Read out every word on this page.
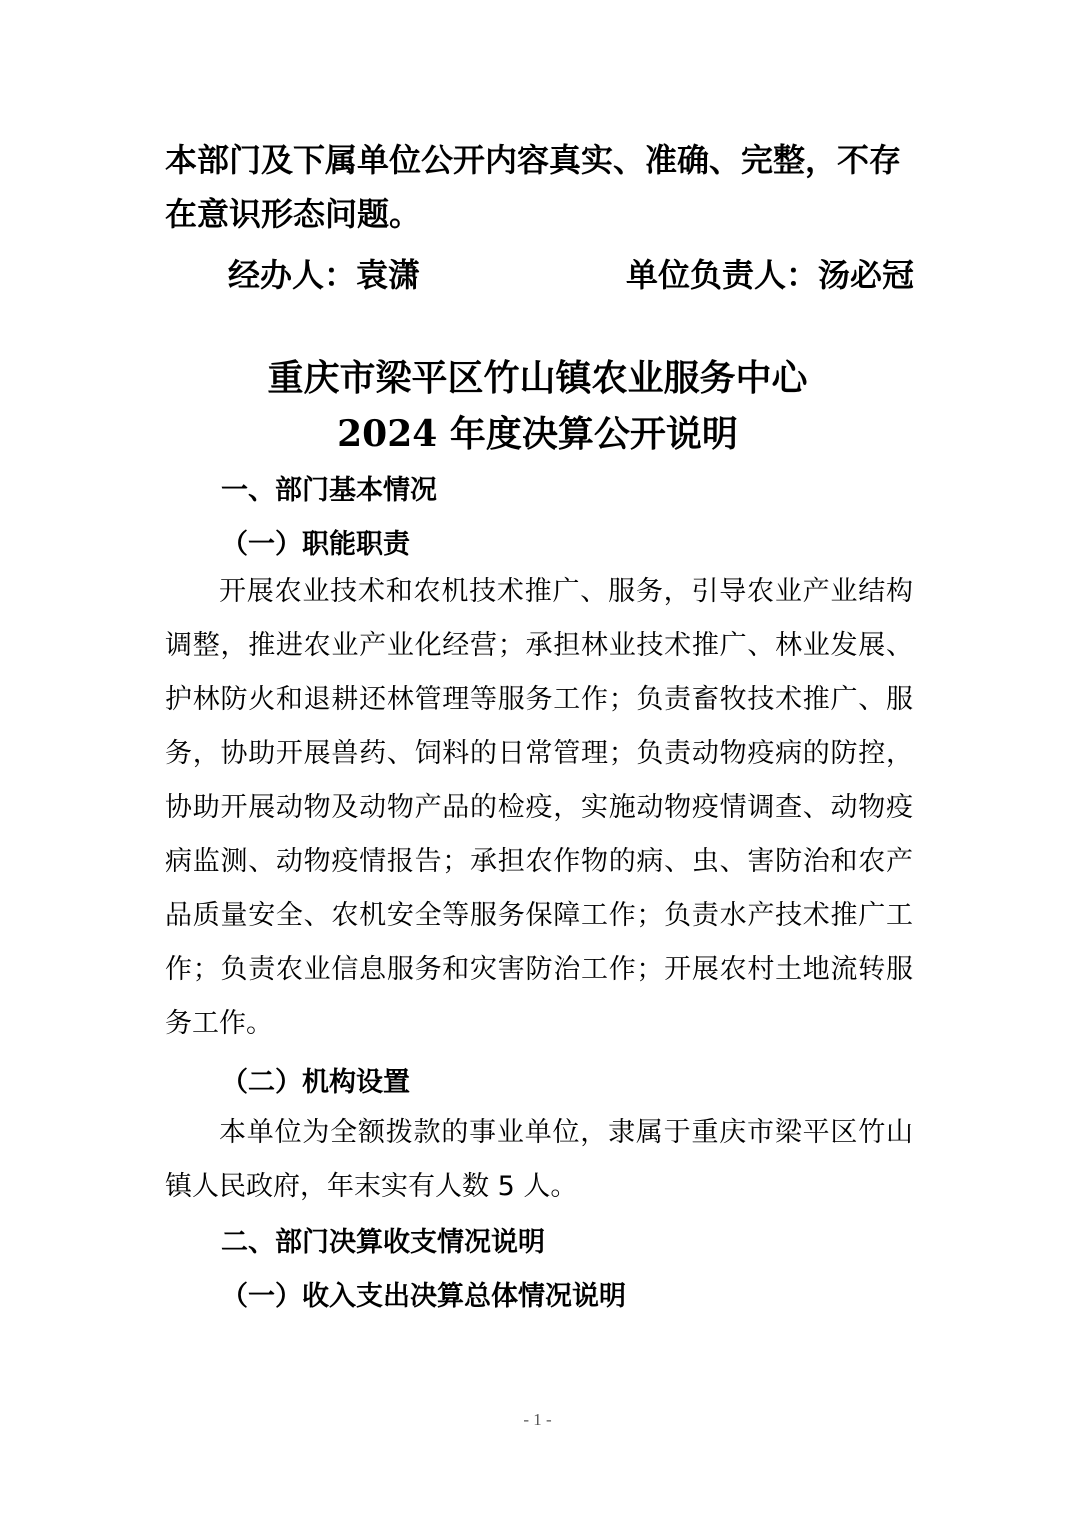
本部门及下属单位公开内容真实、准确、完整，不存
在意识形态问题。
经办人：袁潇	单位负责人：汤必冠
重庆市梁平区竹山镇农业服务中心
2024 年度决算公开说明
一、部门基本情况
（一）职能职责

开展农业技术和农机技术推广、服务，引导农业产业结构调整，推进农业产业化经营；承担林业技术推广、林业发展、护林防火和退耕还林管理等服务工作；负责畜牧技术推广、服务，协助开展兽药、饲料的日常管理；负责动物疫病的防控，协助开展动物及动物产品的检疫，实施动物疫情调查、动物疫病监测、动物疫情报告；承担农作物的病、虫、害防治和农产品质量安全、农机安全等服务保障工作；负责水产技术推广工作；负责农业信息服务和灾害防治工作；开展农村土地流转服务工作。

（二）机构设置

本单位为全额拨款的事业单位，隶属于重庆市梁平区竹山镇人民政府，年末实有人数 5 人。

二、部门决算收支情况说明
（一）收入支出决算总体情况说明
- 1 -
